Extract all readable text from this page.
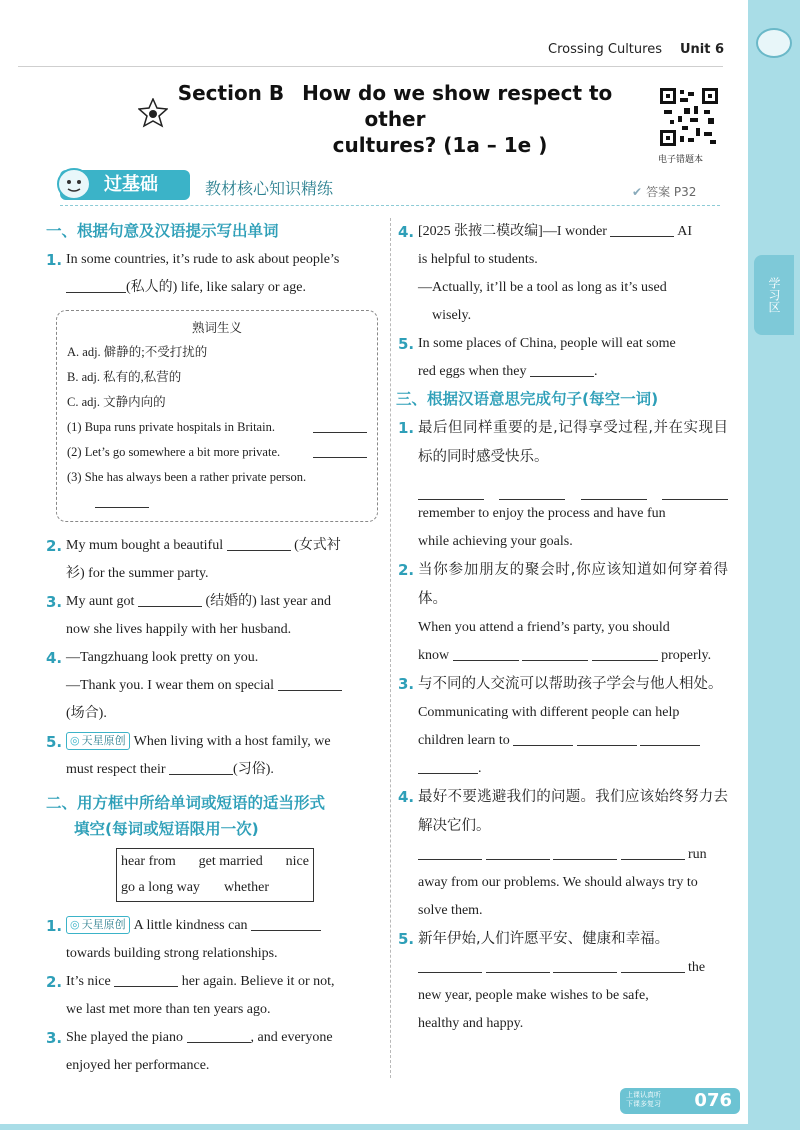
学习区
Crossing Cultures Unit 6
Section B How do we show respect to other
cultures? (1a – 1e )
电子错题本
过基础	教材核心知识精练	✔ 答案 P32
一、根据句意及汉语提示写出单词
1. In some countries, it’s rude to ask about people’s
(私人的) life, like salary or age.
熟词生义
A. adj. 僻静的;不受打扰的
B. adj. 私有的,私营的
C. adj. 文静内向的
(1) Bupa runs private hospitals in Britain.
(2) Let’s go somewhere a bit more private.
(3) She has always been a rather private person.
2. My mum bought a beautiful	(女式衬
衫) for the summer party.
3. My aunt got	(结婚的) last year and
now she lives happily with her husband.
4. —Tangzhuang look pretty on you.
—Thank you. I wear them on special
(场合).
5. ◎ 天星原创 When living with a host family, we
must respect their	(习俗).
二、用方框中所给单词或短语的适当形式
填空(每词或短语限用一次)
hear from get married nice
go a long way whether
1. ◎ 天星原创 A little kindness can
towards building strong relationships.
2. It’s nice	her again. Believe it or not,
we last met more than ten years ago.
3. She played the piano	, and everyone
enjoyed her performance.
4. [2025 张掖二模改编]—I wonder	AI
is helpful to students.
—Actually, it’ll be a tool as long as it’s used
wisely.
5. In some places of China, people will eat some
red eggs when they	.
三、根据汉语意思完成句子(每空一词)
1. 最后但同样重要的是,记得享受过程,并在实现目标的同时感受快乐。
remember to enjoy the process and have fun
while achieving your goals.
2. 当你参加朋友的聚会时,你应该知道如何穿着得体。
When you attend a friend’s party, you should
know	properly.
3. 与不同的人交流可以帮助孩子学会与他人相处。
Communicating with different people can help
children learn to
.
4. 最好不要逃避我们的问题。我们应该始终努力去解决它们。
run
away from our problems. We should always try to
solve them.
5. 新年伊始,人们许愿平安、健康和幸福。
the
new year, people make wishes to be safe,
healthy and happy.
上课认真听
下课多复习 076
